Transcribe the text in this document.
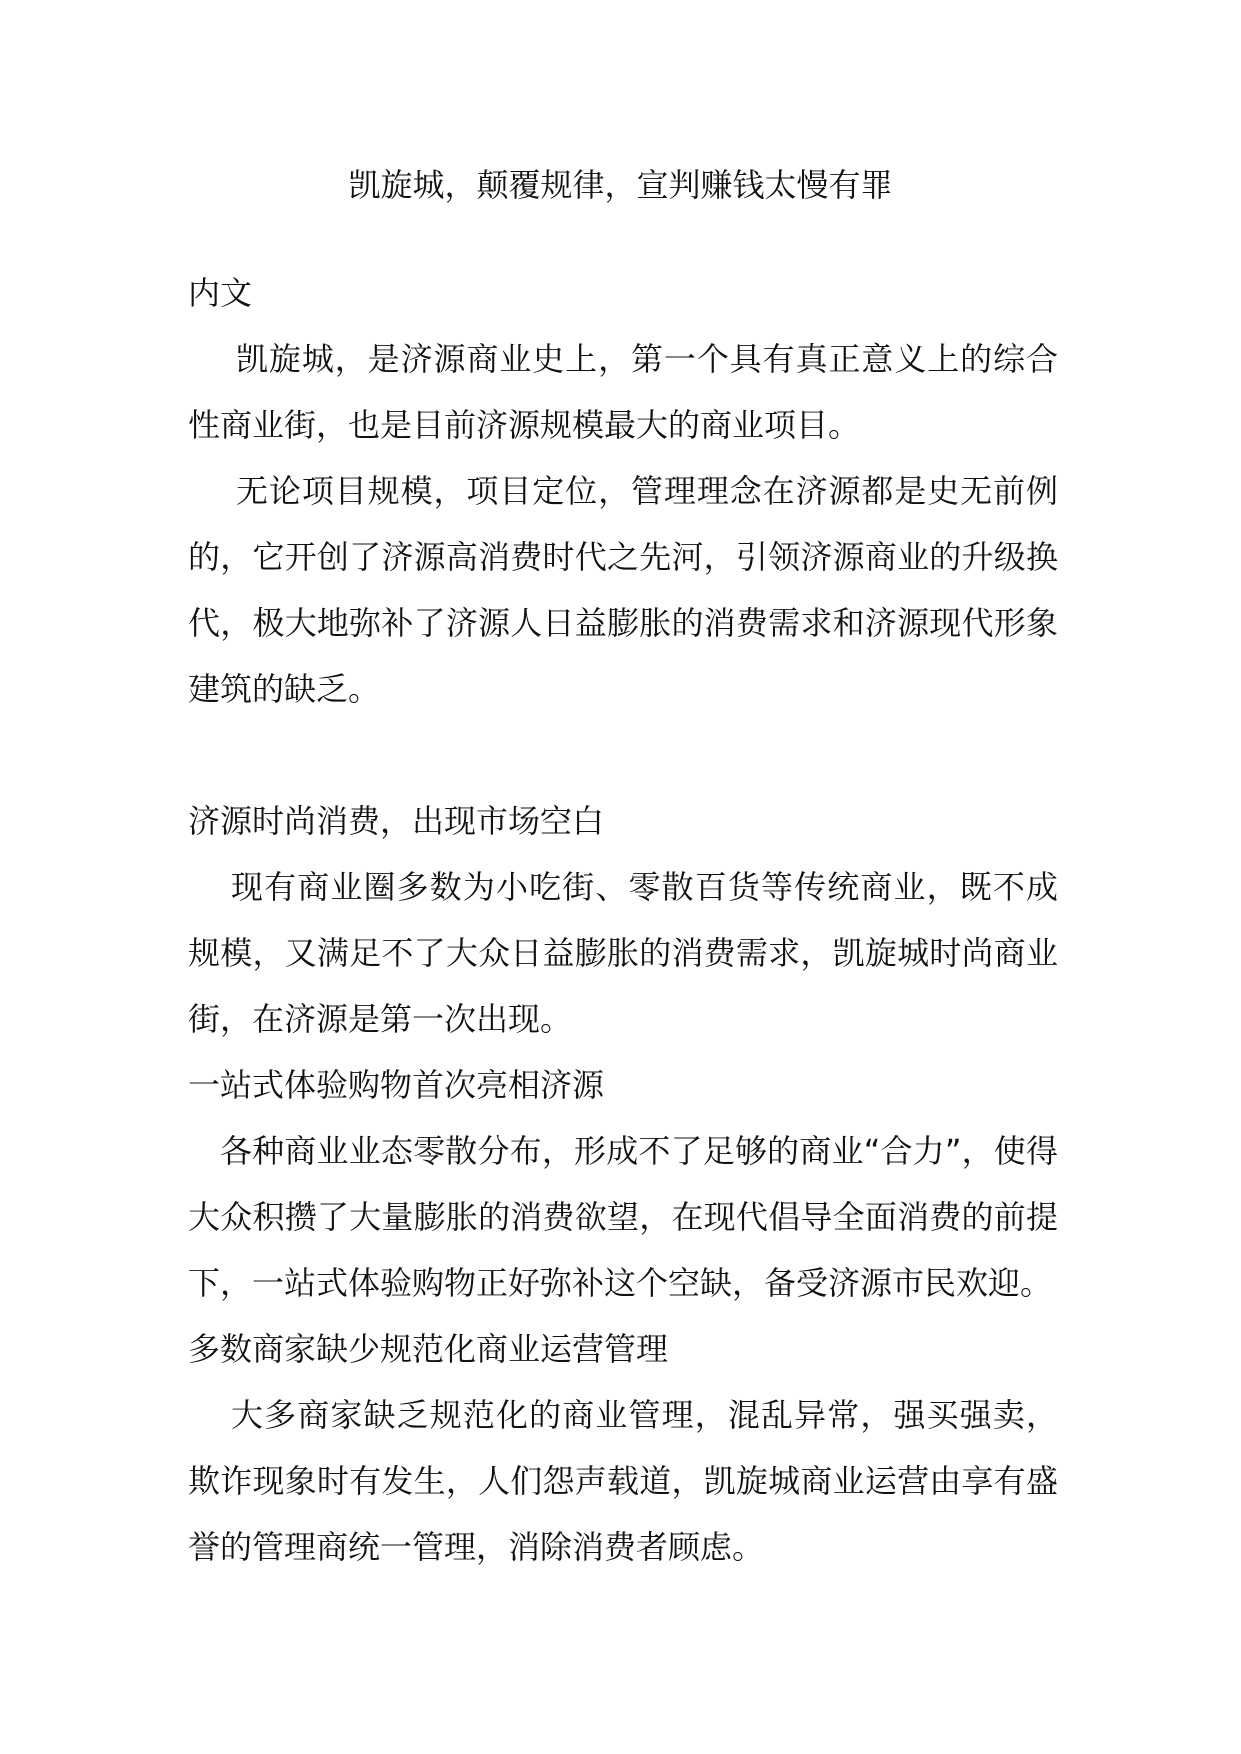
凯旋城，颠覆规律，宣判赚钱太慢有罪

内文

凯旋城，是济源商业史上，第一个具有真正意义上的综合性商业街，也是目前济源规模最大的商业项目。

无论项目规模，项目定位，管理理念在济源都是史无前例的，它开创了济源高消费时代之先河，引领济源商业的升级换代，极大地弥补了济源人日益膨胀的消费需求和济源现代形象建筑的缺乏。

济源时尚消费，出现市场空白

现有商业圈多数为小吃街、零散百货等传统商业，既不成规模，又满足不了大众日益膨胀的消费需求，凯旋城时尚商业街，在济源是第一次出现。

一站式体验购物首次亮相济源

各种商业业态零散分布，形成不了足够的商业“合力”，使得大众积攒了大量膨胀的消费欲望，在现代倡导全面消费的前提下，一站式体验购物正好弥补这个空缺，备受济源市民欢迎。

多数商家缺少规范化商业运营管理

大多商家缺乏规范化的商业管理，混乱异常，强买强卖，欺诈现象时有发生，人们怨声载道，凯旋城商业运营由享有盛誉的管理商统一管理，消除消费者顾虑。
